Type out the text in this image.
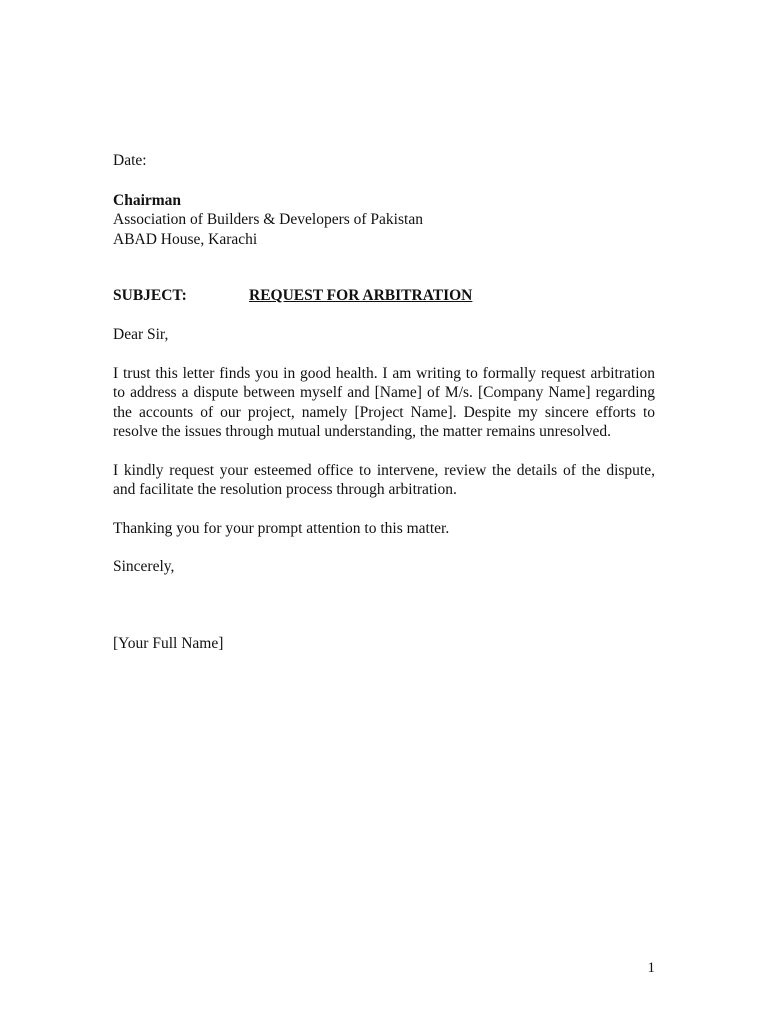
Date:
Chairman
Association of Builders & Developers of Pakistan
ABAD House, Karachi
SUBJECT:	REQUEST FOR ARBITRATION
Dear Sir,

I trust this letter finds you in good health. I am writing to formally request arbitration to address a dispute between myself and [Name] of M/s. [Company Name] regarding the accounts of our project, namely [Project Name]. Despite my sincere efforts to resolve the issues through mutual understanding, the matter remains unresolved.

I kindly request your esteemed office to intervene, review the details of the dispute, and facilitate the resolution process through arbitration.

Thanking you for your prompt attention to this matter.

Sincerely,
[Your Full Name]
1
